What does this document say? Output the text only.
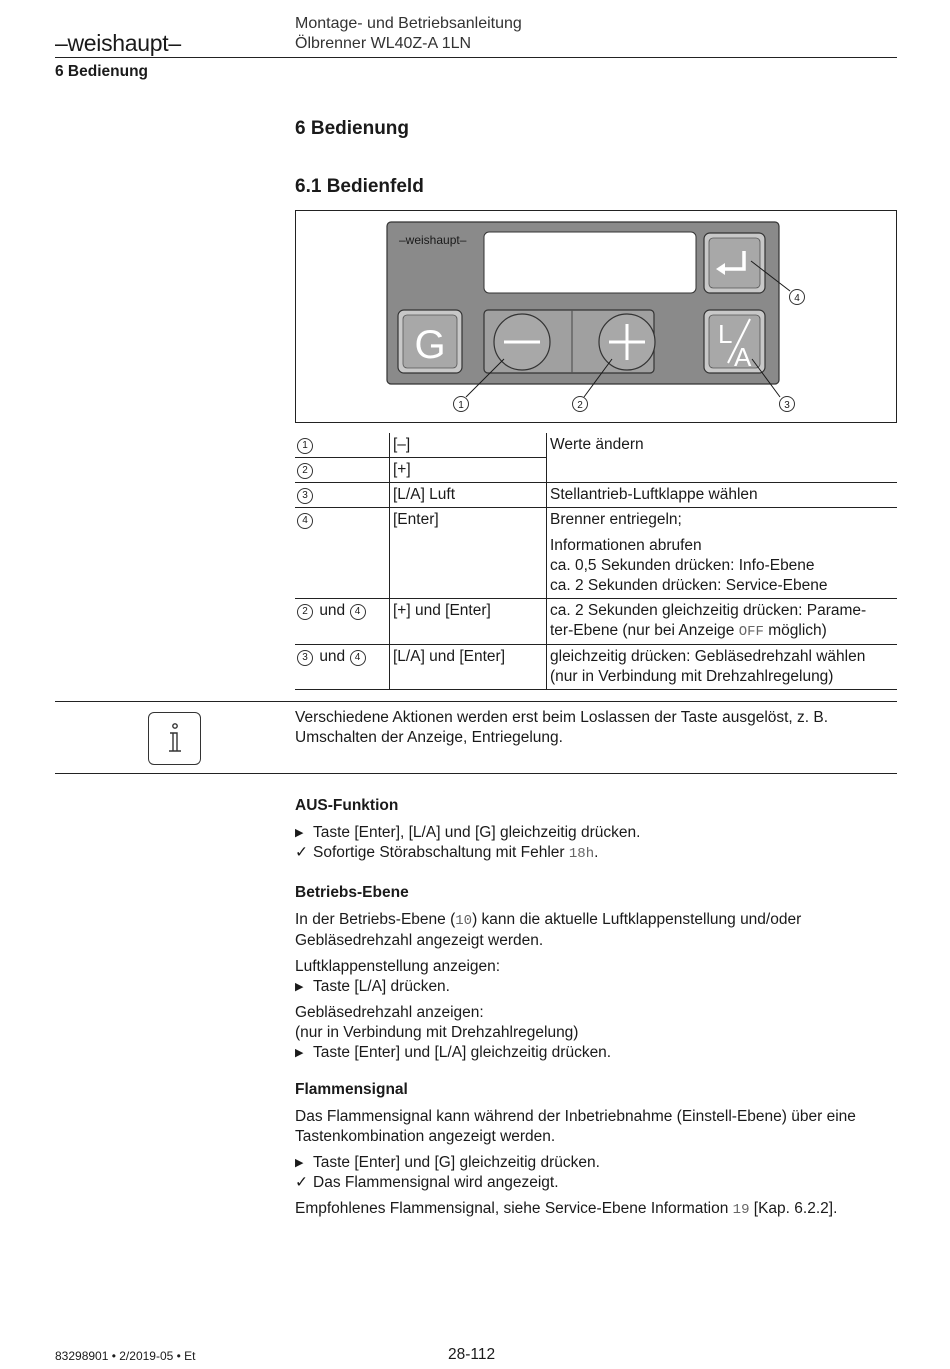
–weishaupt–
Montage- und Betriebsanleitung
Ölbrenner WL40Z-A 1LN
6 Bedienung
6 Bedienung
6.1 Bedienfeld
–weishaupt–
G	L
A
1	2	3
4
1	[–]	Werte ändern
2	[+]	
3	[L/A] Luft	Stellantrieb-Luftklappe wählen
4	[Enter]	Brenner entriegeln;
Informationen abrufen
ca. 0,5 Sekunden drücken: Info-Ebene
ca. 2 Sekunden drücken: Service-Ebene

2 und 4	[+] und [Enter]	ca. 2 Sekunden gleichzeitig drücken: Parame-
ter-Ebene (nur bei Anzeige OFF möglich)

3 und 4	[L/A] und [Enter]	gleichzeitig drücken: Gebläsedrehzahl wählen
(nur in Verbindung mit Drehzahlregelung)
Verschiedene Aktionen werden erst beim Loslassen der Taste ausgelöst, z. B. Umschalten der Anzeige, Entriegelung.
AUS-Funktion
▶ Taste [Enter], [L/A] und [G] gleichzeitig drücken.
✓ Sofortige Störabschaltung mit Fehler 18h.
Betriebs-Ebene

In der Betriebs-Ebene (10) kann die aktuelle Luftklappenstellung und/oder Gebläsedrehzahl angezeigt werden.

Luftklappenstellung anzeigen:
▶ Taste [L/A] drücken.
Gebläsedrehzahl anzeigen:
(nur in Verbindung mit Drehzahlregelung)
▶ Taste [Enter] und [L/A] gleichzeitig drücken.
Flammensignal

Das Flammensignal kann während der Inbetriebnahme (Einstell-Ebene) über eine Tastenkombination angezeigt werden.

▶ Taste [Enter] und [G] gleichzeitig drücken.
✓ Das Flammensignal wird angezeigt.

Empfohlenes Flammensignal, siehe Service-Ebene Information 19 [Kap. 6.2.2].

83298901 • 2/2019-05 • Et	28-112
